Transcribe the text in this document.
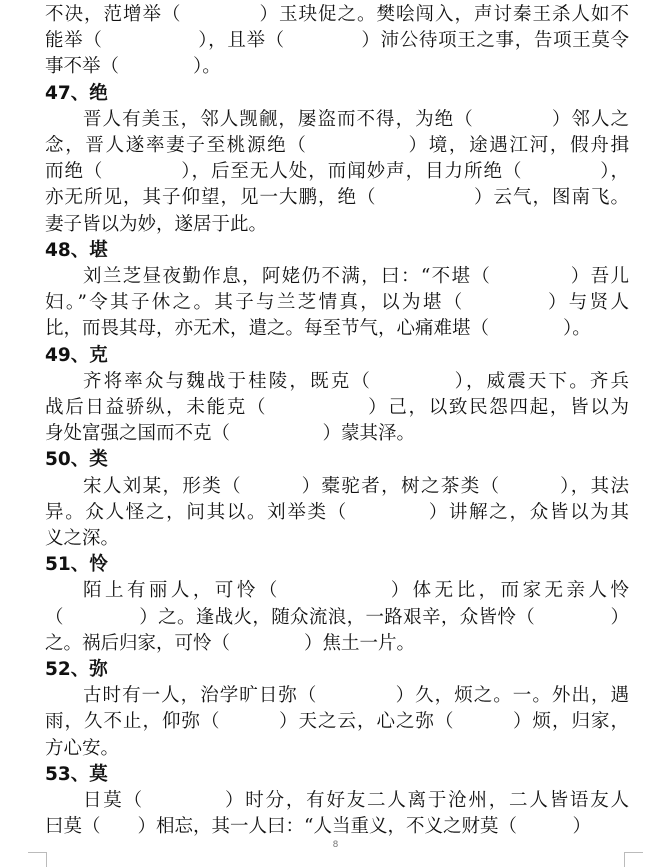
不决，范增举（　　　　）玉玦促之。樊哙闯入，声讨秦王杀人如不
能举（　　　　　），且举（　　　　）沛公待项王之事，告项王莫令
事不举（　　　　）。
47、绝
晋人有美玉，邻人觊觎，屡盗而不得，为绝（　　　　）邻人之
念，晋人遂率妻子至桃源绝（　　　　　）境，途遇江河，假舟揖
而绝（　　　　），后至无人处，而闻妙声，目力所绝（　　　　），
亦无所见，其子仰望，见一大鹏，绝（　　　　　）云气，图南飞。
妻子皆以为妙，遂居于此。
48、堪
刘兰芝昼夜勤作息，阿姥仍不满，曰：“不堪（　　　　）吾儿
妇。”令其子休之。其子与兰芝情真，以为堪（　　　　）与贤人
比，而畏其母，亦无术，遣之。每至节气，心痛难堪（　　　　）。
49、克
齐将率众与魏战于桂陵，既克（　　　　），威震天下。齐兵
战后日益骄纵，未能克（　　　　　）己，以致民怨四起，皆以为
身处富强之国而不克（　　　　　）蒙其泽。
50、类
宋人刘某，形类（　　　）橐驼者，树之茶类（　　　），其法
异。众人怪之，问其以。刘举类（　　　　）讲解之，众皆以为其
义之深。
51、怜
陌上有丽人，可怜（　　　　　）体无比，而家无亲人怜
（　　　　）之。逢战火，随众流浪，一路艰辛，众皆怜（　　　　）
之。祸后归家，可怜（　　　　）焦土一片。
52、弥
古时有一人，治学旷日弥（　　　　）久，烦之。一。外出，遇
雨，久不止，仰弥（　　　）天之云，心之弥（　　　）烦，归家，
方心安。
53、莫
日莫（　　　　）时分，有好友二人离于沧州，二人皆语友人
曰莫（　　）相忘，其一人曰：“人当重义，不义之财莫（　　　）
8
